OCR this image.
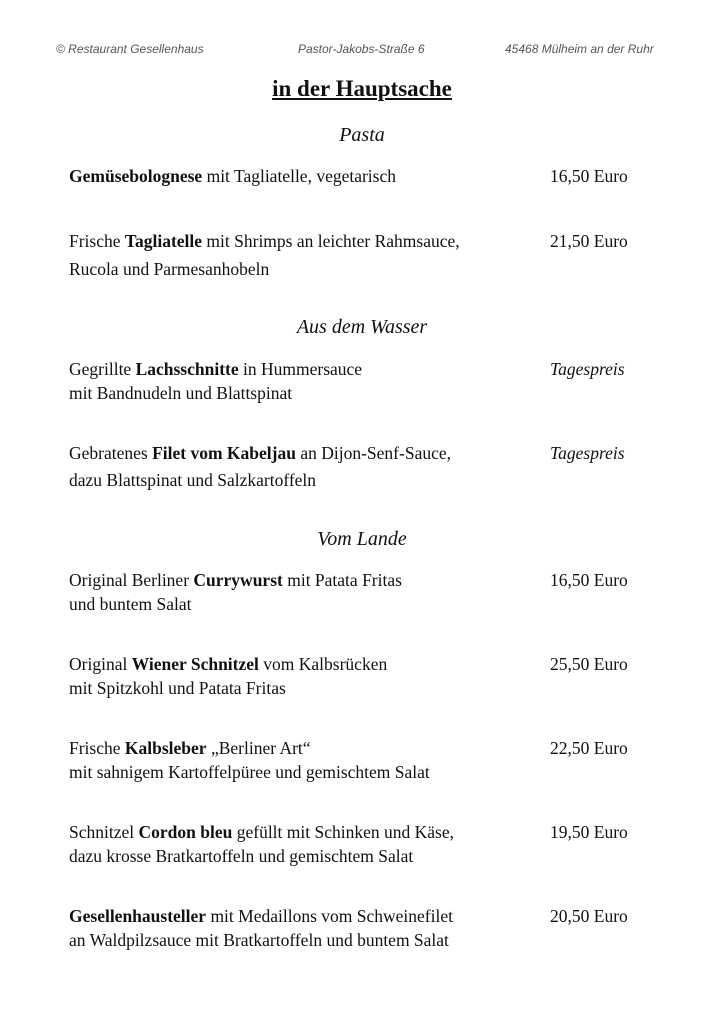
© Restaurant Gesellenhaus	Pastor-Jakobs-Straße 6	45468 Mülheim an der Ruhr
in der Hauptsache
Pasta
Gemüsebolognese mit Tagliatelle, vegetarisch	16,50 Euro
Frische Tagliatelle mit Shrimps an leichter Rahmsauce,
Rucola und Parmesanhobeln
21,50 Euro
Aus dem Wasser
Gegrillte Lachsschnitte in Hummersauce
mit Bandnudeln und Blattspinat
Tagespreis
Gebratenes Filet vom Kabeljau an Dijon-Senf-Sauce,
dazu Blattspinat und Salzkartoffeln
Tagespreis
Vom Lande
Original Berliner Currywurst mit Patata Fritas
und buntem Salat
16,50 Euro
Original Wiener Schnitzel vom Kalbsrücken
mit Spitzkohl und Patata Fritas
25,50 Euro
Frische Kalbsleber „Berliner Art“
mit sahnigem Kartoffelpüree und gemischtem Salat
22,50 Euro
Schnitzel Cordon bleu gefüllt mit Schinken und Käse,
dazu krosse Bratkartoffeln und gemischtem Salat
19,50 Euro
Gesellenhausteller mit Medaillons vom Schweinefilet
an Waldpilzsauce mit Bratkartoffeln und buntem Salat
20,50 Euro
